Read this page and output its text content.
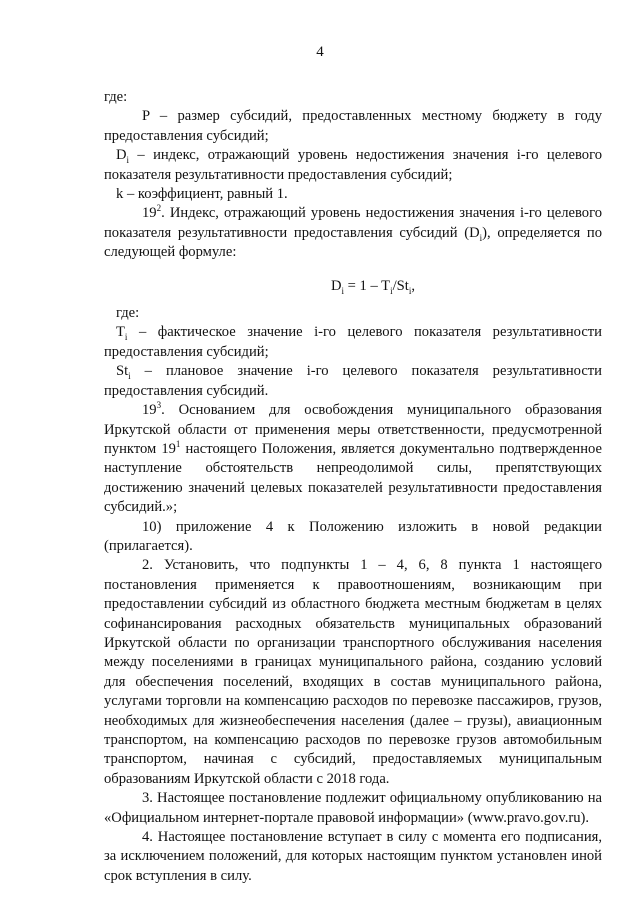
4

где:

P – размер субсидий, предоставленных местному бюджету в году предоставления субсидий;

$D_i$ – индекс, отражающий уровень недостижения значения i-го целевого показателя результативности предоставления субсидий;

k – коэффициент, равный 1.

$19^2$. Индекс, отражающий уровень недостижения значения i-го целевого показателя результативности предоставления субсидий $(D_i)$, определяется по следующей формуле:

$D_i = 1 - T_i/St_i$,

где:

$T_i$ – фактическое значение i-го целевого показателя результативности предоставления субсидий;

$St_i$ – плановое значение i-го целевого показателя результативности предоставления субсидий.

$19^3$. Основанием для освобождения муниципального образования Иркутской области от применения меры ответственности, предусмотренной пунктом $19^1$ настоящего Положения, является документально подтвержденное наступление обстоятельств непреодолимой силы, препятствующих достижению значений целевых показателей результативности предоставления субсидий.»;

10) приложение 4 к Положению изложить в новой редакции (прилагается).

2. Установить, что подпункты 1 – 4, 6, 8 пункта 1 настоящего постановления применяется к правоотношениям, возникающим при предоставлении субсидий из областного бюджета местным бюджетам в целях софинансирования расходных обязательств муниципальных образований Иркутской области по организации транспортного обслуживания населения между поселениями в границах муниципального района, созданию условий для обеспечения поселений, входящих в состав муниципального района, услугами торговли на компенсацию расходов по перевозке пассажиров, грузов, необходимых для жизнеобеспечения населения (далее – грузы), авиационным транспортом, на компенсацию расходов по перевозке грузов автомобильным транспортом, начиная с субсидий, предоставляемых муниципальным образованиям Иркутской области с 2018 года.

3. Настоящее постановление подлежит официальному опубликованию на «Официальном интернет-портале правовой информации» (www.pravo.gov.ru).

4. Настоящее постановление вступает в силу с момента его подписания, за исключением положений, для которых настоящим пунктом установлен иной срок вступления в силу.
